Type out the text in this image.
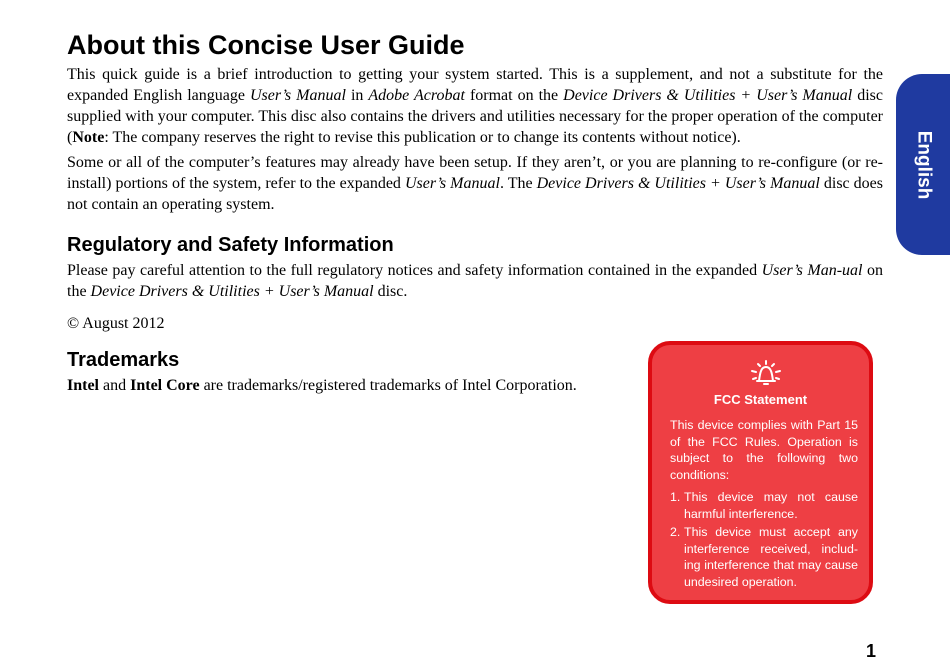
About this Concise User Guide

This quick guide is a brief introduction to getting your system started. This is a supplement, and not a substitute for the expanded English language User’s Manual in Adobe Acrobat format on the Device Drivers & Utilities + User’s Manual disc supplied with your computer. This disc also contains the drivers and utilities necessary for the proper operation of the computer (Note: The company reserves the right to revise this publication or to change its contents without notice).

Some or all of the computer’s features may already have been setup. If they aren’t, or you are planning to re-configure (or re-install) portions of the system, refer to the expanded User’s Manual. The Device Drivers & Utilities + User’s Manual disc does not contain an operating system.

Regulatory and Safety Information

Please pay careful attention to the full regulatory notices and safety information contained in the expanded User’s Man-ual on the Device Drivers & Utilities + User’s Manual disc.

© August 2012

Trademarks

Intel and Intel Core are trademarks/registered trademarks of Intel Corporation.

English
FCC Statement

This device complies with Part 15 of the FCC Rules. Operation is subject to the following two conditions:

1. This device may not cause harmful interference.
2. This device must accept any interference received, includ-ing interference that may cause undesired operation.
1
